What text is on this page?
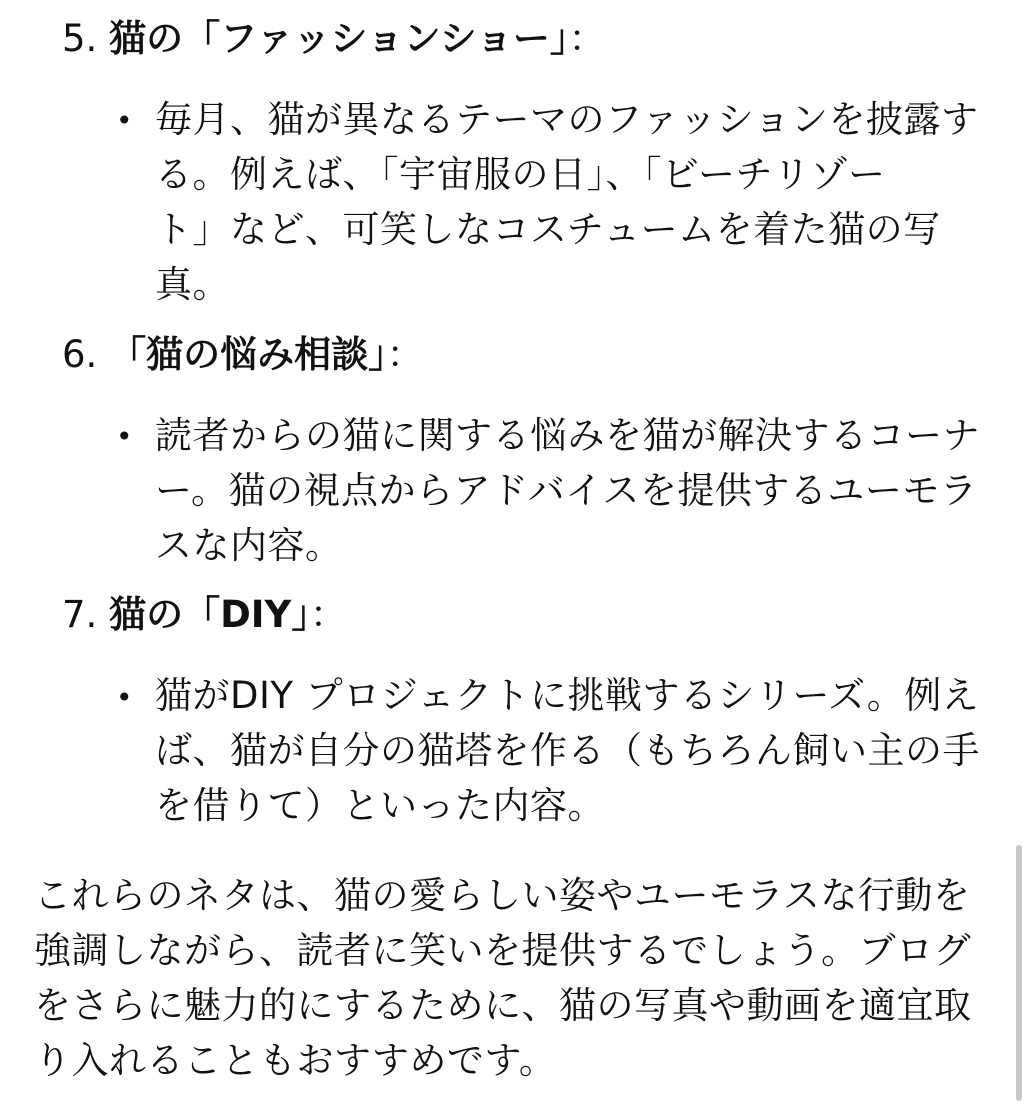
5. 猫の「ファッションショー」：
• 毎月、猫が異なるテーマのファッションを披露す
る。例えば、「宇宙服の日」、「ビーチリゾー
ト」など、可笑しなコスチュームを着た猫の写
真。
6. 「猫の悩み相談」：
• 読者からの猫に関する悩みを猫が解決するコーナ
ー。猫の視点からアドバイスを提供するユーモラ
スな内容。
7. 猫の「DIY」：
• 猫がDIY プロジェクトに挑戦するシリーズ。例え
ば、猫が自分の猫塔を作る（もちろん飼い主の手
を借りて）といった内容。
これらのネタは、猫の愛らしい姿やユーモラスな行動を
強調しながら、読者に笑いを提供するでしょう。ブログ
をさらに魅力的にするために、猫の写真や動画を適宜取
り入れることもおすすめです。
